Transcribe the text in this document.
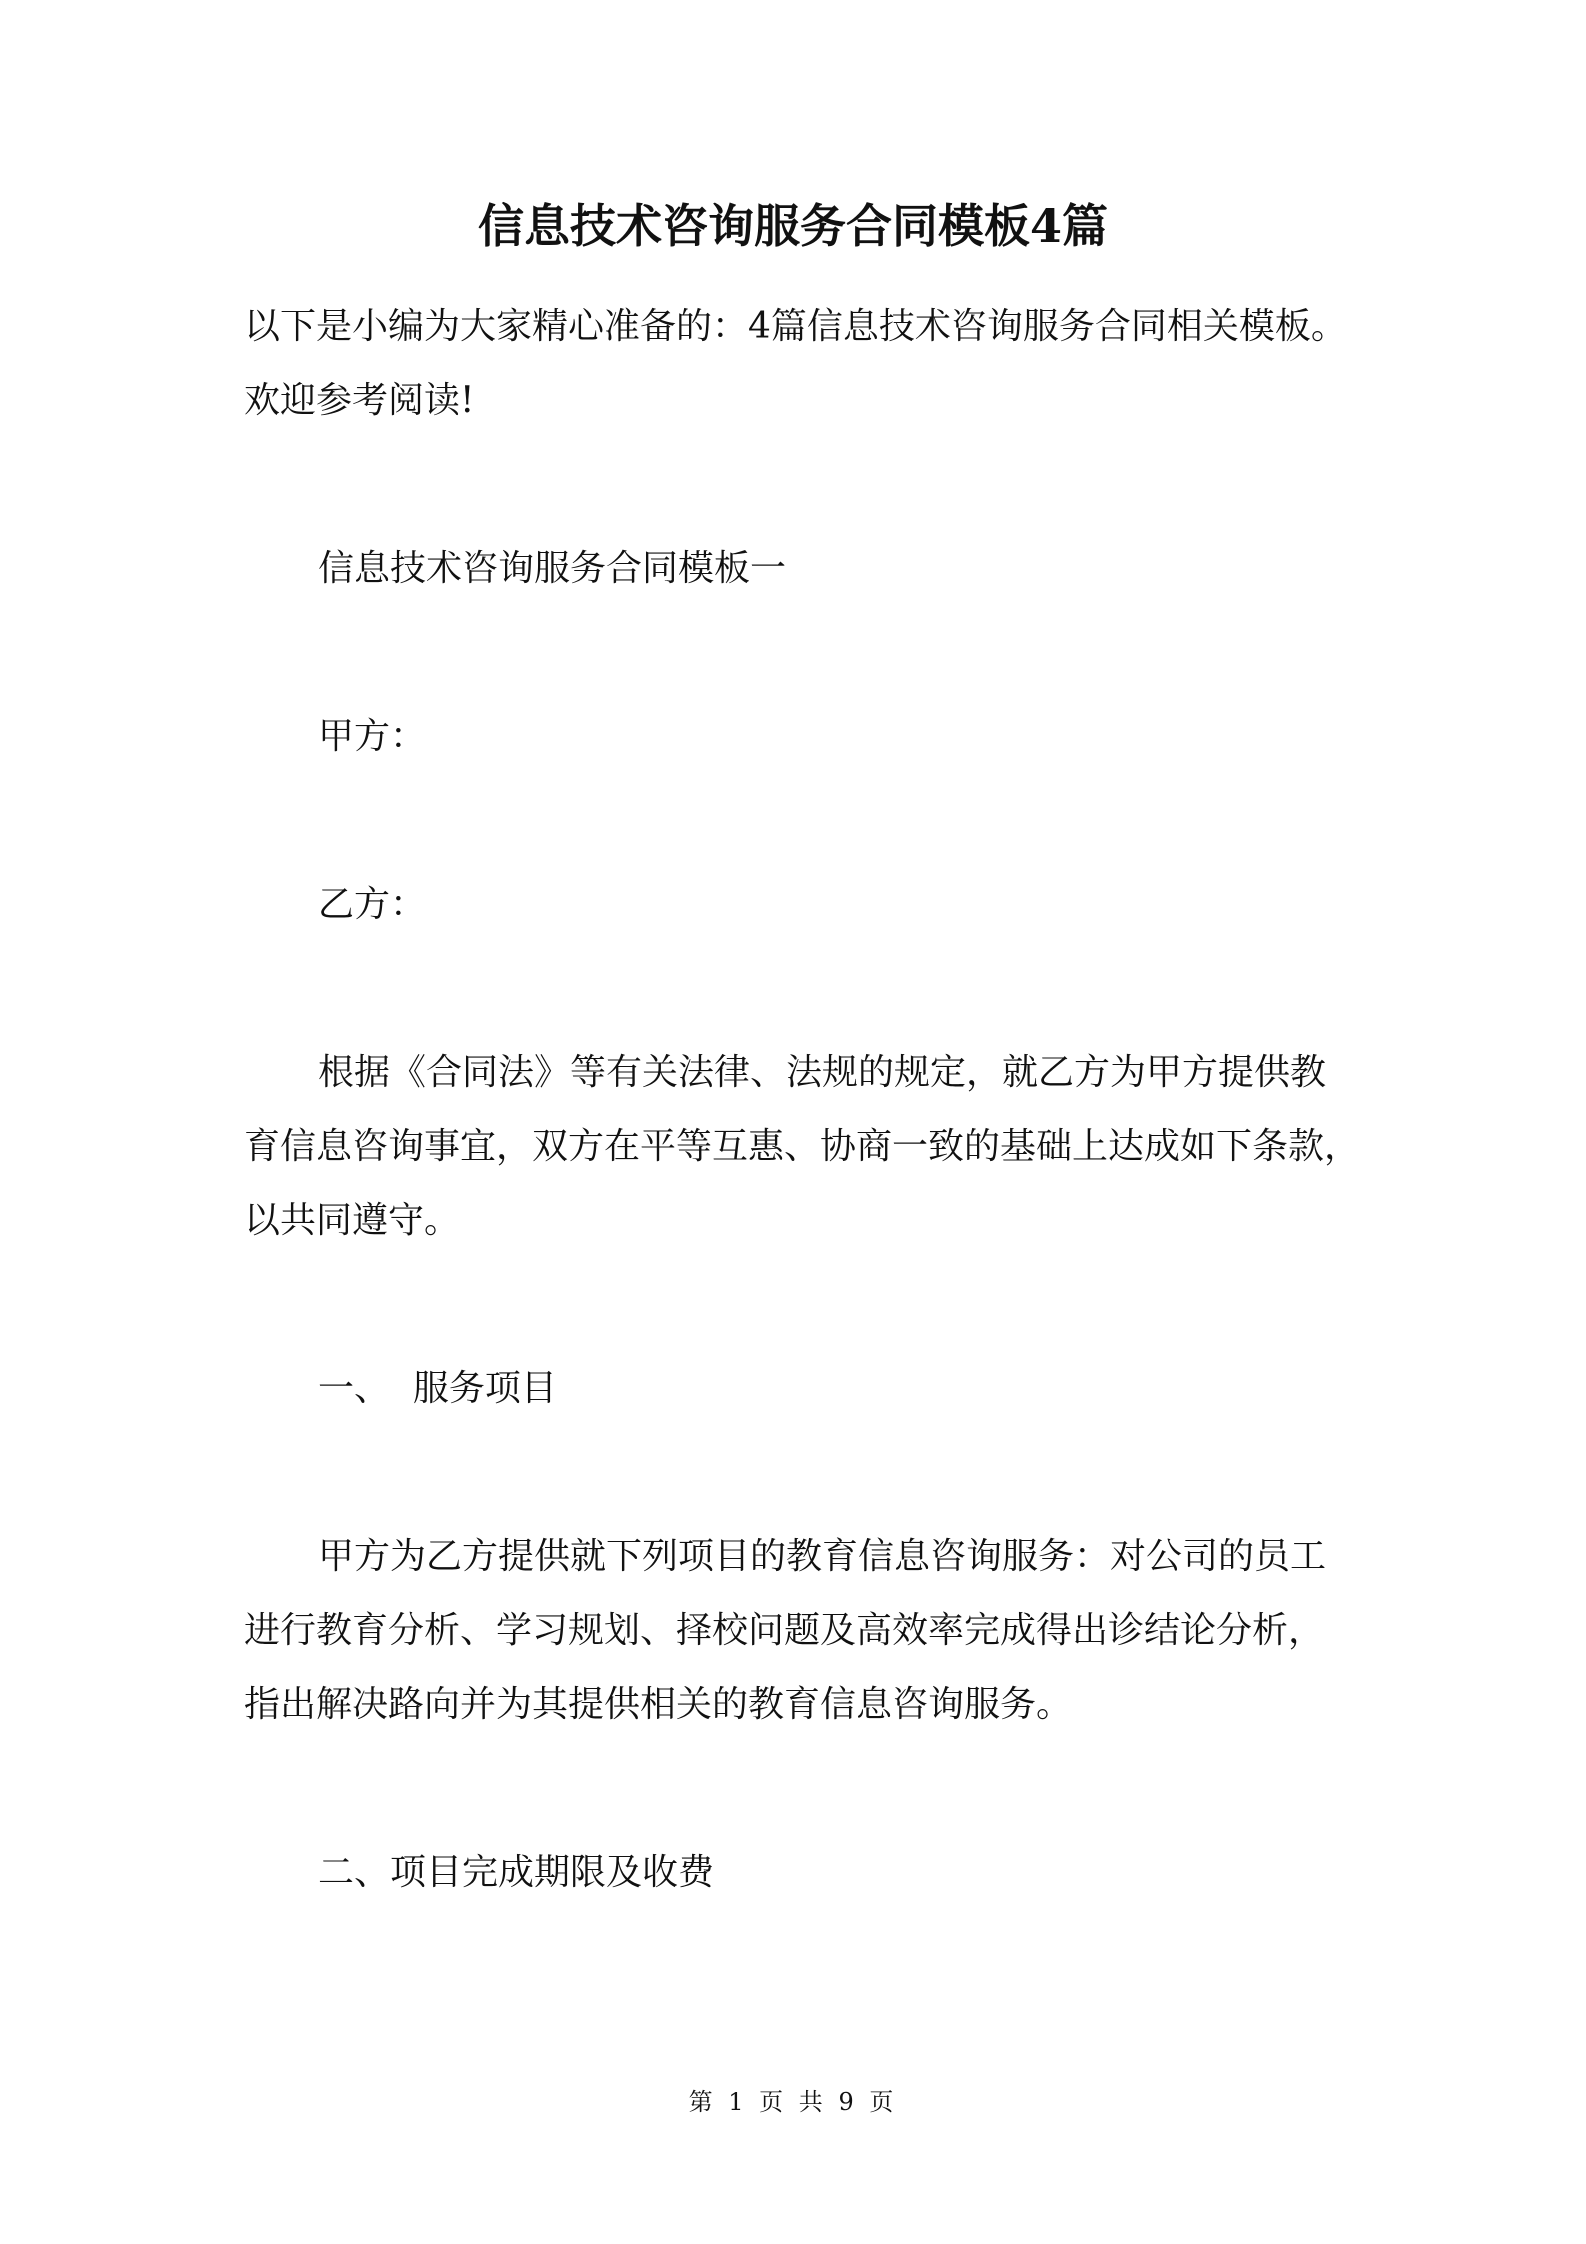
信息技术咨询服务合同模板4篇
以下是小编为大家精心准备的：4篇信息技术咨询服务合同相关模板。
欢迎参考阅读!
信息技术咨询服务合同模板一
甲方：
乙方：
根据《合同法》等有关法律、法规的规定，就乙方为甲方提供教
育信息咨询事宜，双方在平等互惠、协商一致的基础上达成如下条款，
以共同遵守。
一、  服务项目
甲方为乙方提供就下列项目的教育信息咨询服务：对公司的员工
进行教育分析、学习规划、择校问题及高效率完成得出诊结论分析，
指出解决路向并为其提供相关的教育信息咨询服务。
二、项目完成期限及收费
第 1 页 共 9 页
